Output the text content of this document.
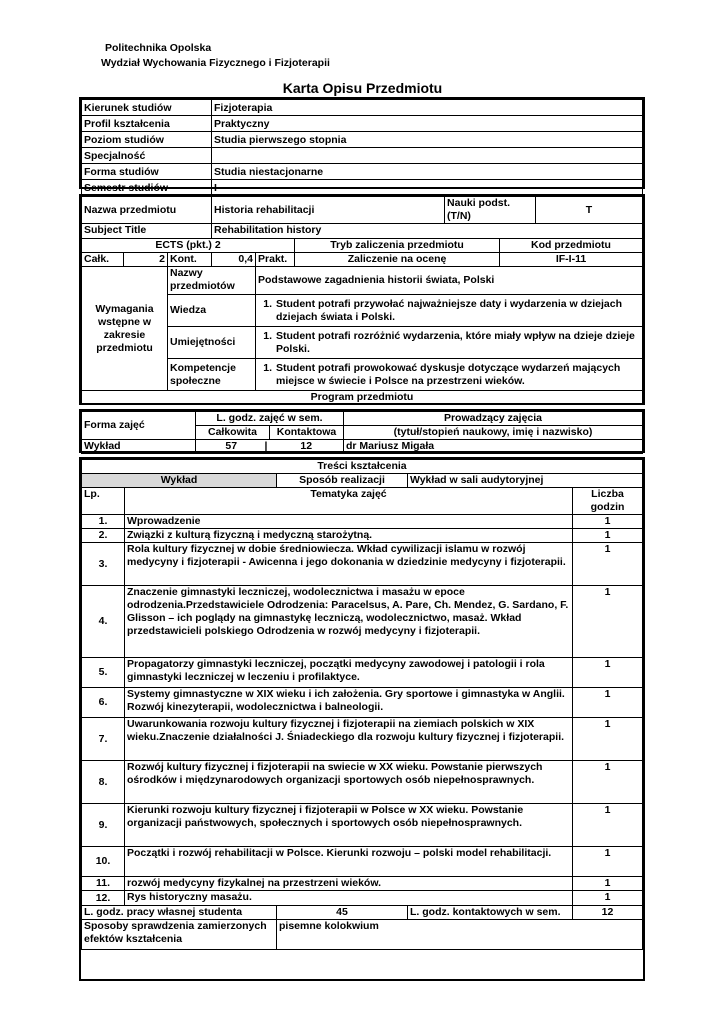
Politechnika Opolska
Wydział Wychowania Fizycznego i Fizjoterapii
Karta Opisu Przedmiotu
Kierunek studiów	Fizjoterapia
Profil kształcenia	Praktyczny
Poziom studiów	Studia pierwszego stopnia
Specjalność	
Forma studiów	Studia niestacjonarne
Semestr studiów	I
Nazwa przedmiotu			Historia rehabilitacji			Nauki podst. (T/N)		T
Subject Title			Rehabilitation history					
ECTS (pkt.) 2					Tryb zaliczenia przedmiotu		Kod przedmiotu	
Całk.	2	Kont.	0,4	Prakt.	Zaliczenie na ocenę		IF-I-11	
Wymagania wstępne w zakresie przedmiotu		Nazwy przedmiotów		Podstawowe zagadnienia historii świata, Polski				
		Wiedza		1. Student potrafi przywołać najważniejsze daty i wydarzenia w dziejach dziejach świata i Polski.				

		Umiejętności		1. Student potrafi rozróżnić wydarzenia, które miały wpływ na dzieje dzieje Polski.				

		Kompetencje społeczne		1. Student potrafi prowokować dyskusje dotyczące wydarzeń mających miejsce w świecie i Polsce na przestrzeni wieków.				

Program przedmiotu								
Forma zajęć	L. godz. zajęć w sem.		Prowadzący zajęcia
	Całkowita	Kontaktowa	(tytuł/stopień naukowy, imię i nazwisko)
Wykład	57 |	12	dr Mariusz Migała
Treści kształcenia				
Wykład		Sposób realizacji	Wykład w sali audytoryjnej	
Lp.	Tematyka zajęć			Liczba godzin
1.	Wprowadzenie			1
2.	Związki z kulturą fizyczną i medyczną starożytną.			1
3.	Rola kultury fizycznej w dobie średniowiecza. Wkład cywilizacji islamu w rozwój medycyny i fizjoterapii - Awicenna i jego dokonania w dziedzinie medycyny i fizjoterapii.			1
4.	Znaczenie gimnastyki leczniczej, wodolecznictwa i masażu w epoce odrodzenia.Przedstawiciele Odrodzenia: Paracelsus, A. Pare, Ch. Mendez, G. Sardano, F. Glisson – ich poglądy na gimnastykę leczniczą, wodolecznictwo, masaż. Wkład przedstawicieli polskiego Odrodzenia w rozwój medycyny i fizjoterapii.			1
5.	Propagatorzy gimnastyki leczniczej, początki medycyny zawodowej i patologii i rola gimnastyki leczniczej w leczeniu i profilaktyce.			1
6.	Systemy gimnastyczne w XIX wieku i ich założenia. Gry sportowe i gimnastyka w Anglii. Rozwój kinezyterapii, wodolecznictwa i balneologii.			1
7.	Uwarunkowania rozwoju kultury fizycznej i fizjoterapii na ziemiach polskich w XIX wieku.Znaczenie działalności J. Śniadeckiego dla rozwoju kultury fizycznej i fizjoterapii.			1
8.	Rozwój kultury fizycznej i fizjoterapii na swiecie w XX wieku. Powstanie pierwszych ośrodków i międzynarodowych organizacji sportowych osób niepełnosprawnych.			1
9.	Kierunki rozwoju kultury fizycznej i fizjoterapii w Polsce w XX wieku. Powstanie organizacji państwowych, społecznych i sportowych osób niepełnosprawnych.			1
10.	Początki i rozwój rehabilitacji w Polsce. Kierunki rozwoju – polski model rehabilitacji.			1
11.	rozwój medycyny fizykalnej na przestrzeni wieków.			1
12.	Rys historyczny masażu.			1
L. godz. pracy własnej studenta		45	L. godz. kontaktowych w sem.	12
Sposoby sprawdzenia zamierzonych efektów kształcenia		pisemne kolokwium		
